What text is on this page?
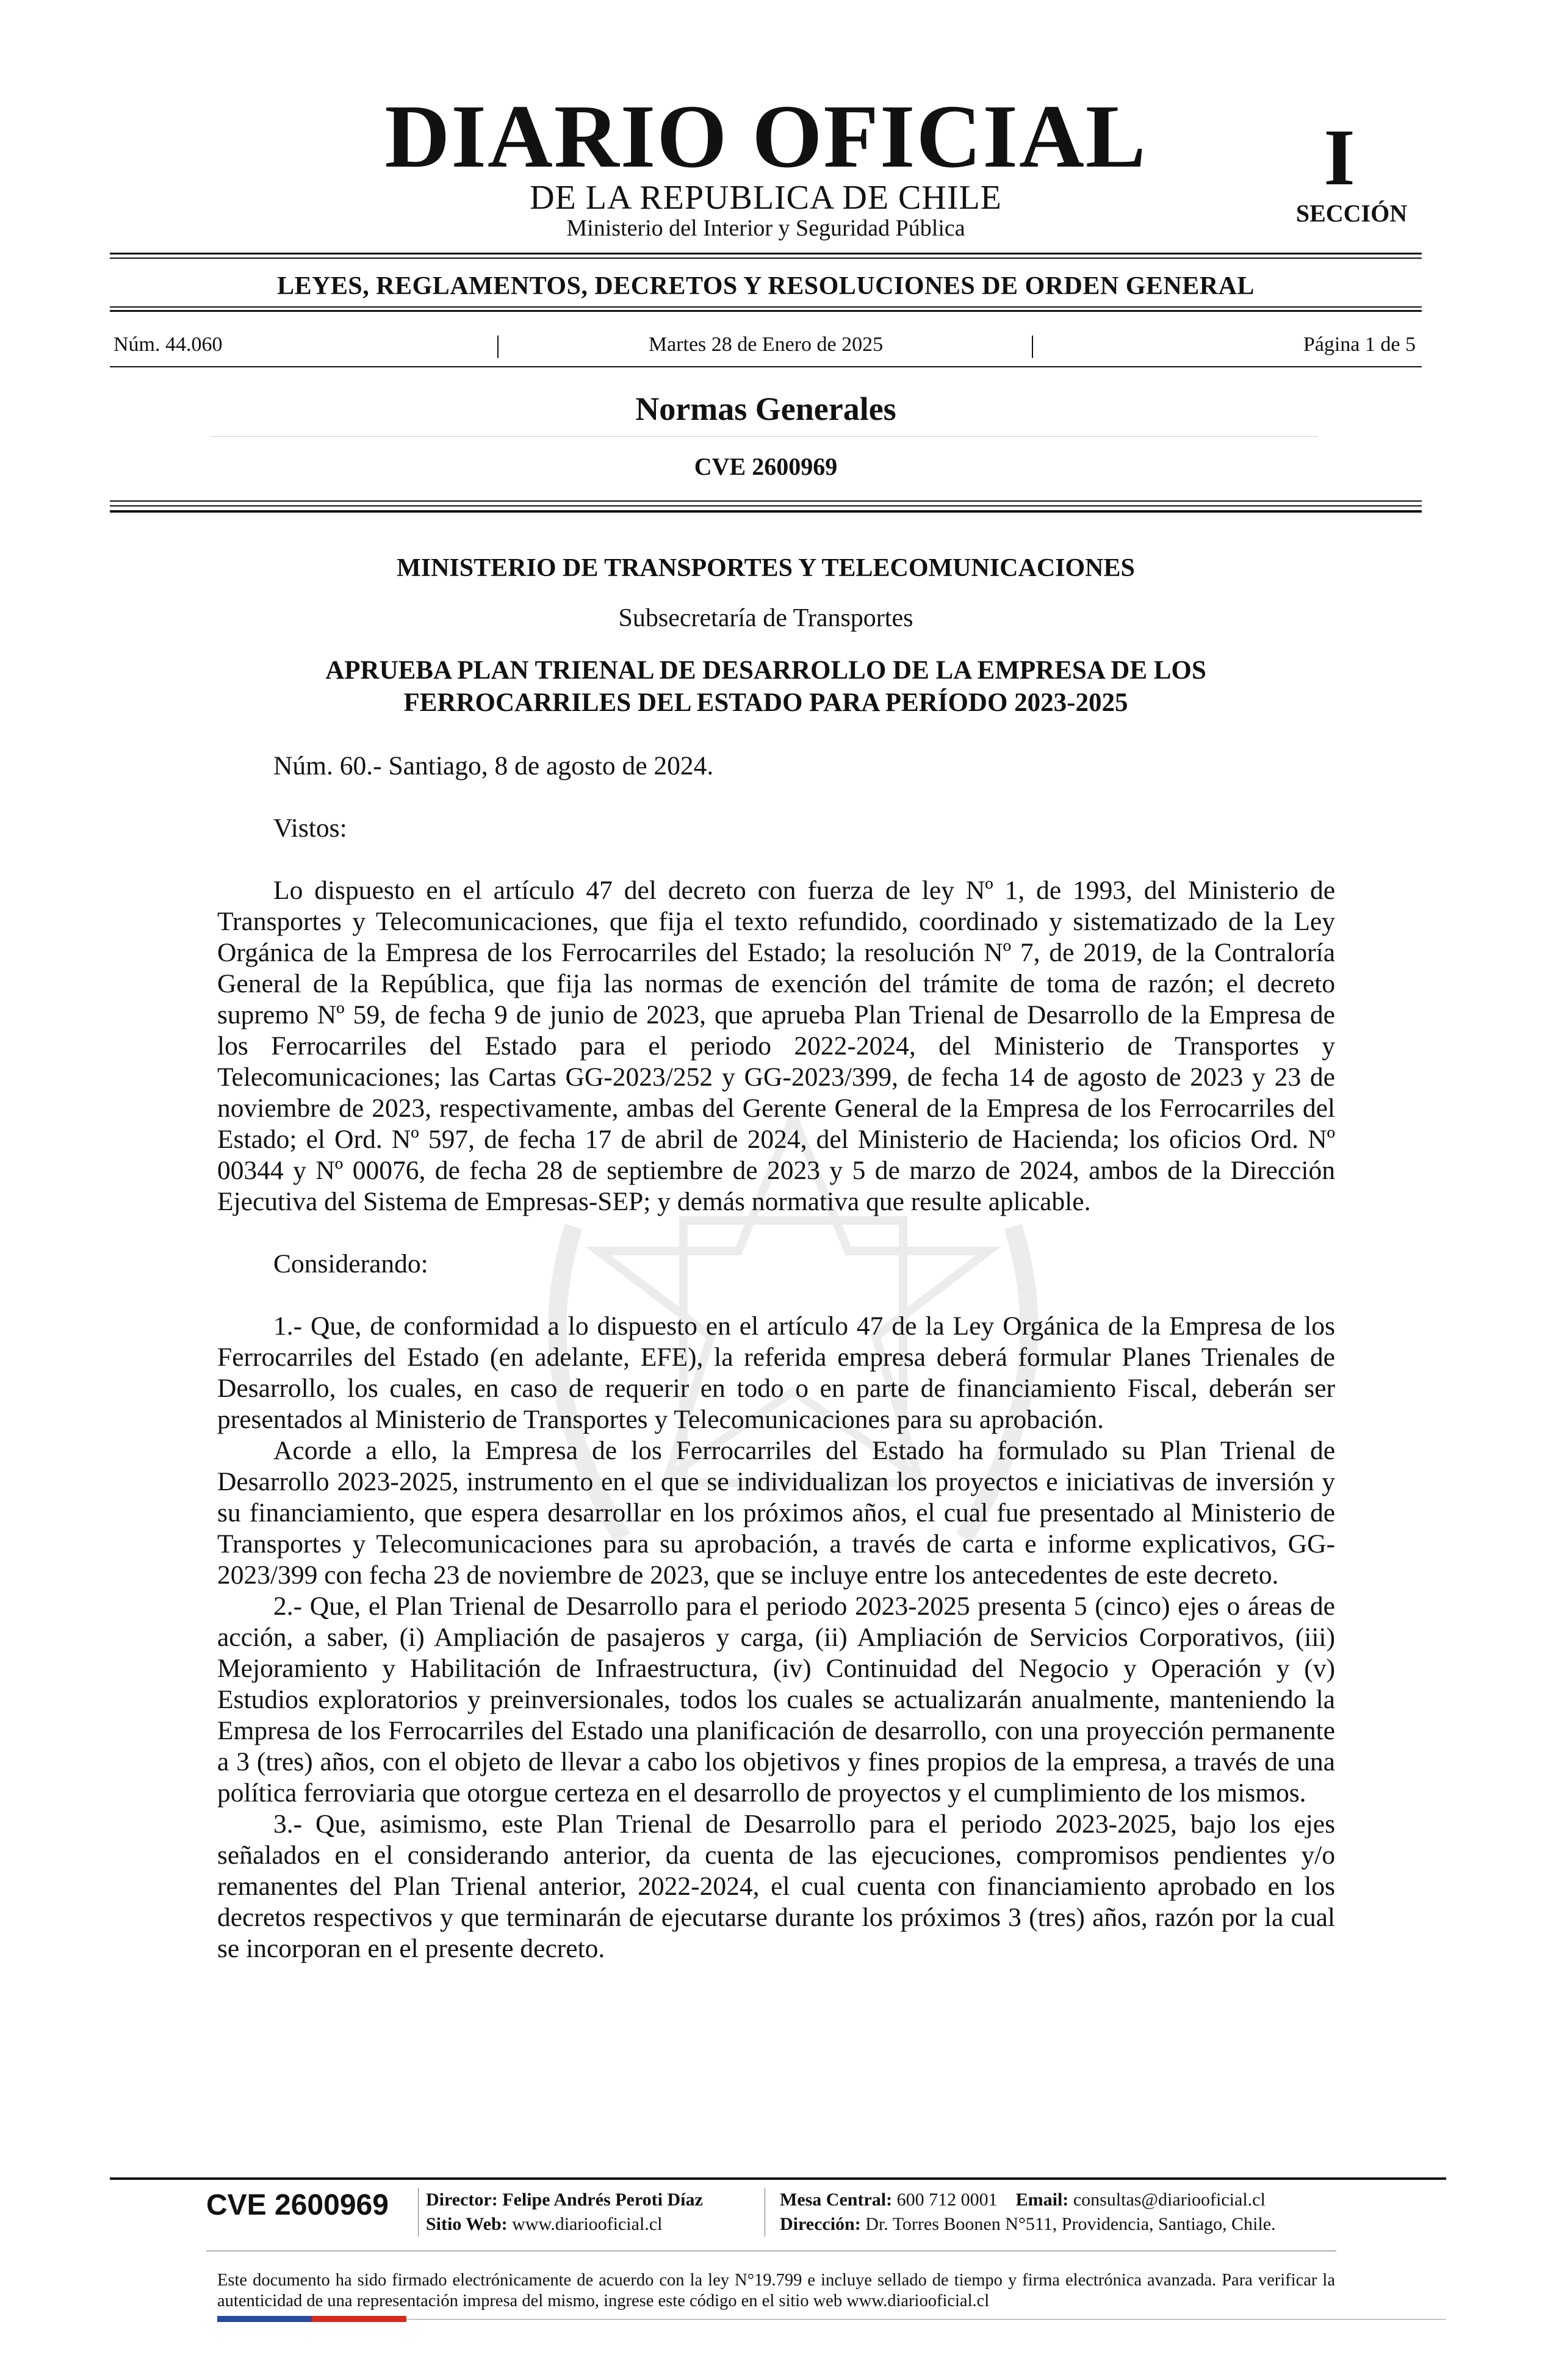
DIARIO OFICIAL
DE LA REPUBLICA DE CHILE
Ministerio del Interior y Seguridad Pública
I
SECCIÓN
LEYES, REGLAMENTOS, DECRETOS Y RESOLUCIONES DE ORDEN GENERAL
Núm. 44.060	|	Martes 28 de Enero de 2025	|	Página 1 de 5
Normas Generales
CVE 2600969
MINISTERIO DE TRANSPORTES Y TELECOMUNICACIONES
Subsecretaría de Transportes
APRUEBA PLAN TRIENAL DE DESARROLLO DE LA EMPRESA DE LOS
FERROCARRILES DEL ESTADO PARA PERÍODO 2023-2025

Núm. 60.- Santiago, 8 de agosto de 2024.

Vistos:

Lo dispuesto en el artículo 47 del decreto con fuerza de ley Nº 1, de 1993, del Ministerio de Transportes y Telecomunicaciones, que fija el texto refundido, coordinado y sistematizado de la Ley Orgánica de la Empresa de los Ferrocarriles del Estado; la resolución Nº 7, de 2019, de la Contraloría General de la República, que fija las normas de exención del trámite de toma de razón; el decreto supremo Nº 59, de fecha 9 de junio de 2023, que aprueba Plan Trienal de Desarrollo de la Empresa de los Ferrocarriles del Estado para el periodo 2022-2024, del Ministerio de Transportes y Telecomunicaciones; las Cartas GG-2023/252 y GG-2023/399, de fecha 14 de agosto de 2023 y 23 de noviembre de 2023, respectivamente, ambas del Gerente General de la Empresa de los Ferrocarriles del Estado; el Ord. Nº 597, de fecha 17 de abril de 2024, del Ministerio de Hacienda; los oficios Ord. Nº 00344 y Nº 00076, de fecha 28 de septiembre de 2023 y 5 de marzo de 2024, ambos de la Dirección Ejecutiva del Sistema de Empresas-SEP; y demás normativa que resulte aplicable.

Considerando:

1.- Que, de conformidad a lo dispuesto en el artículo 47 de la Ley Orgánica de la Empresa de los Ferrocarriles del Estado (en adelante, EFE), la referida empresa deberá formular Planes Trienales de Desarrollo, los cuales, en caso de requerir en todo o en parte de financiamiento Fiscal, deberán ser presentados al Ministerio de Transportes y Telecomunicaciones para su aprobación.

Acorde a ello, la Empresa de los Ferrocarriles del Estado ha formulado su Plan Trienal de Desarrollo 2023-2025, instrumento en el que se individualizan los proyectos e iniciativas de inversión y su financiamiento, que espera desarrollar en los próximos años, el cual fue presentado al Ministerio de Transportes y Telecomunicaciones para su aprobación, a través de carta e informe explicativos, GG-2023/399 con fecha 23 de noviembre de 2023, que se incluye entre los antecedentes de este decreto.

2.- Que, el Plan Trienal de Desarrollo para el periodo 2023-2025 presenta 5 (cinco) ejes o áreas de acción, a saber, (i) Ampliación de pasajeros y carga, (ii) Ampliación de Servicios Corporativos, (iii) Mejoramiento y Habilitación de Infraestructura, (iv) Continuidad del Negocio y Operación y (v) Estudios exploratorios y preinversionales, todos los cuales se actualizarán anualmente, manteniendo la Empresa de los Ferrocarriles del Estado una planificación de desarrollo, con una proyección permanente a 3 (tres) años, con el objeto de llevar a cabo los objetivos y fines propios de la empresa, a través de una política ferroviaria que otorgue certeza en el desarrollo de proyectos y el cumplimiento de los mismos.

3.- Que, asimismo, este Plan Trienal de Desarrollo para el periodo 2023-2025, bajo los ejes señalados en el considerando anterior, da cuenta de las ejecuciones, compromisos pendientes y/o remanentes del Plan Trienal anterior, 2022-2024, el cual cuenta con financiamiento aprobado en los decretos respectivos y que terminarán de ejecutarse durante los próximos 3 (tres) años, razón por la cual se incorporan en el presente decreto.

CVE 2600969 Director: Felipe Andrés Peroti Díaz
Sitio Web: www.diariooficial.cl
Mesa Central: 600 712 0001 Email: consultas@diariooficial.cl
Dirección: Dr. Torres Boonen N°511, Providencia, Santiago, Chile.
Este documento ha sido firmado electrónicamente de acuerdo con la ley N°19.799 e incluye sellado de tiempo y firma electrónica avanzada. Para verificar la autenticidad de una representación impresa del mismo, ingrese este código en el sitio web www.diariooficial.cl
